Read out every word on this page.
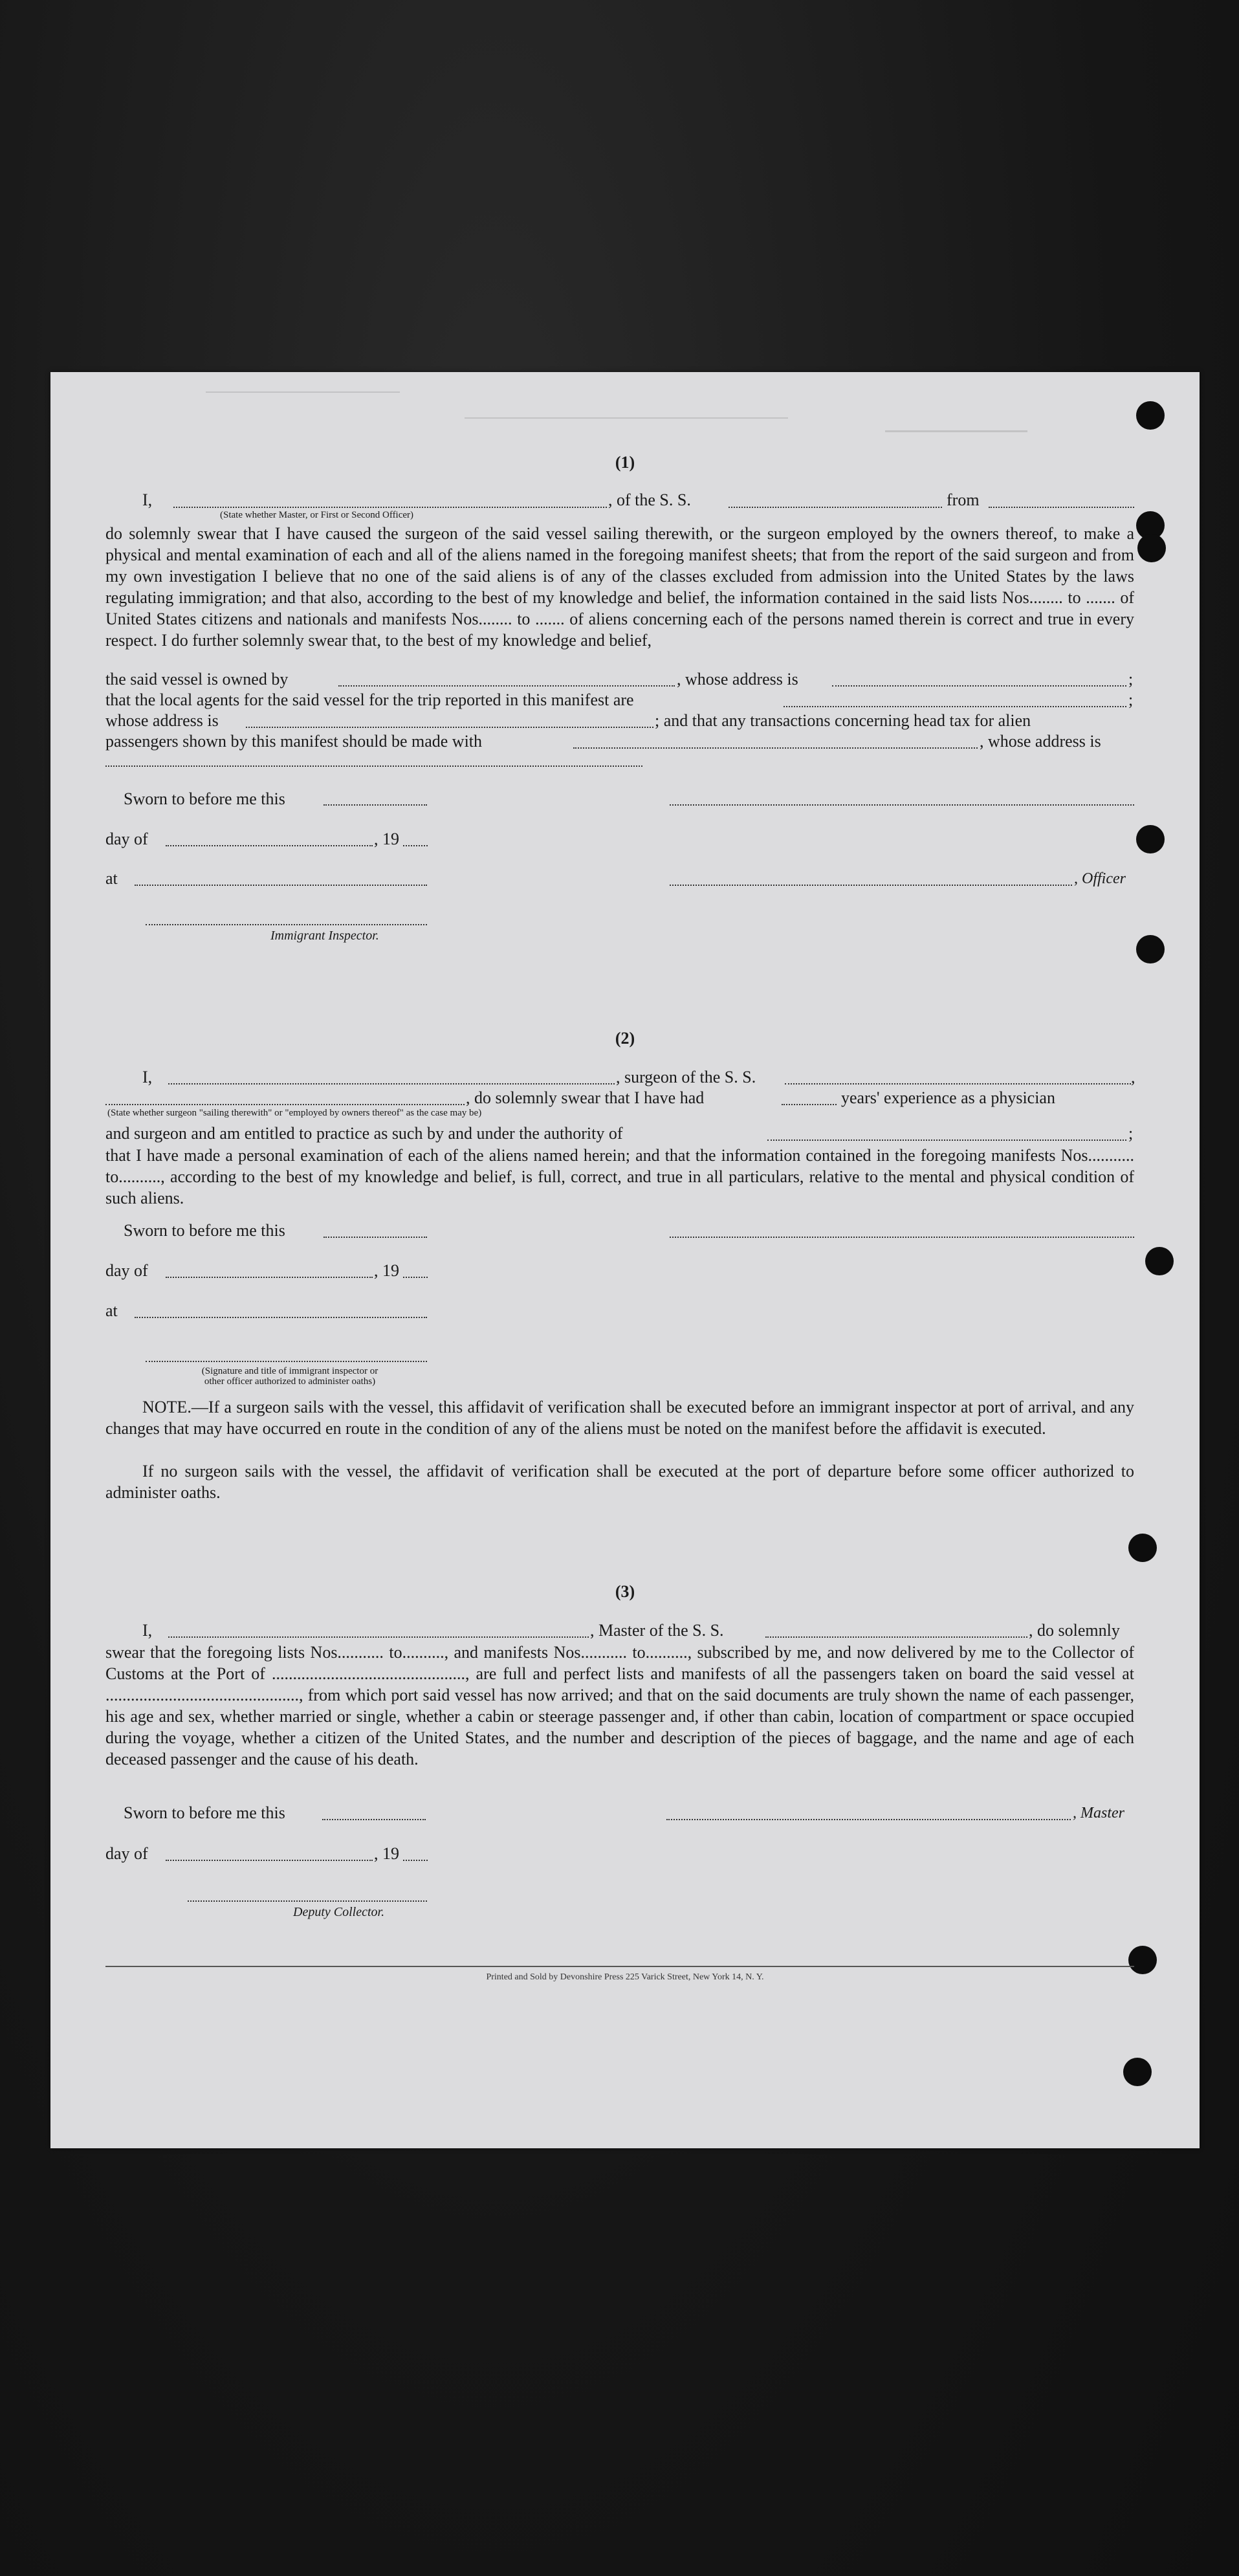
(1)
I,	, of the S. S.	from
(State whether Master, or First or Second Officer)
do solemnly swear that I have caused the surgeon of the said vessel sailing therewith, or the surgeon employed by the owners thereof, to make a physical and mental examination of each and all of the aliens named in the foregoing manifest sheets; that from the report of the said surgeon and from my own investigation I believe that no one of the said aliens is of any of the classes excluded from admission into the United States by the laws regulating immigration; and that also, according to the best of my knowledge and belief, the information contained in the said lists Nos........ to ....... of United States citizens and nationals and manifests Nos........ to ....... of aliens concerning each of the persons named therein is correct and true in every respect. I do further solemnly swear that, to the best of my knowledge and belief,
the said vessel is owned by	, whose address is	;
that the local agents for the said vessel for the trip reported in this manifest are	;
whose address is	; and that any transactions concerning head tax for alien
passengers shown by this manifest should be made with	, whose address is
Sworn to before me this
day of	, 19
at	, Officer
Immigrant Inspector.
(2)
I,	, surgeon of the S. S.	,
, do solemnly swear that I have had	years' experience as a physician
(State whether surgeon "sailing therewith" or "employed by owners thereof" as the case may be)
and surgeon and am entitled to practice as such by and under the authority of	;
that I have made a personal examination of each of the aliens named herein; and that the information contained in the foregoing manifests Nos........... to.........., according to the best of my knowledge and belief, is full, correct, and true in all particulars, relative to the mental and physical condition of such aliens.
Sworn to before me this
day of	, 19
at
(Signature and title of immigrant inspector or other officer authorized to administer oaths)
NOTE.—If a surgeon sails with the vessel, this affidavit of verification shall be executed before an immigrant inspector at port of arrival, and any changes that may have occurred en route in the condition of any of the aliens must be noted on the manifest before the affidavit is executed.
If no surgeon sails with the vessel, the affidavit of verification shall be executed at the port of departure before some officer authorized to administer oaths.
(3)
I,	, Master of the S. S.	, do solemnly
swear that the foregoing lists Nos........... to.........., and manifests Nos........... to.........., subscribed by me, and now delivered by me to the Collector of Customs at the Port of .............................................., are full and perfect lists and manifests of all the passengers taken on board the said vessel at .............................................., from which port said vessel has now arrived; and that on the said documents are truly shown the name of each passenger, his age and sex, whether married or single, whether a cabin or steerage passenger and, if other than cabin, location of compartment or space occupied during the voyage, whether a citizen of the United States, and the number and description of the pieces of baggage, and the name and age of each deceased passenger and the cause of his death.
Sworn to before me this	, Master
day of	, 19
Deputy Collector.
Printed and Sold by Devonshire Press 225 Varick Street, New York 14, N. Y.
